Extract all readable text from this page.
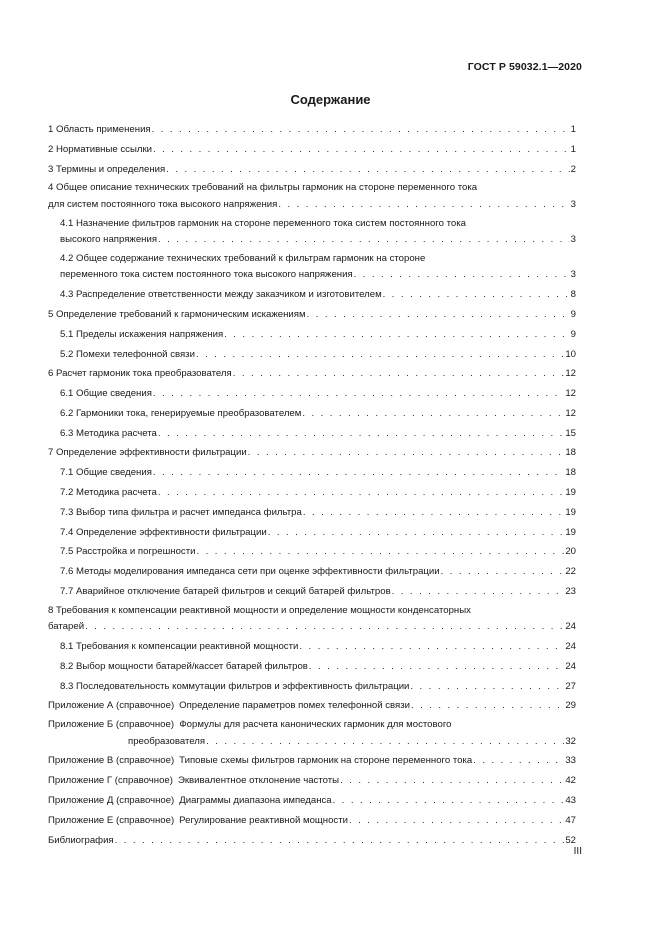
ГОСТ Р 59032.1—2020
Содержание
1 Область применения . . .	1
2 Нормативные ссылки . . .	1
3 Термины и определения . . .	2
4 Общее описание технических требований на фильтры гармоник на стороне переменного тока
для систем постоянного тока высокого напряжения . . .	3
4.1 Назначение фильтров гармоник на стороне переменного тока систем постоянного тока
высокого напряжения . . .	3
4.2 Общее содержание технических требований к фильтрам гармоник на стороне
переменного тока систем постоянного тока высокого напряжения . . .	3
4.3 Распределение ответственности между заказчиком и изготовителем . . .	8
5 Определение требований к гармоническим искажениям . . .	9
5.1 Пределы искажения напряжения . . .	9
5.2 Помехи телефонной связи . . .	10
6 Расчет гармоник тока преобразователя . . .	12
6.1 Общие сведения . . .	12
6.2 Гармоники тока, генерируемые преобразователем . . .	12
6.3 Методика расчета . . .	15
7 Определение эффективности фильтрации . . .	18
7.1 Общие сведения . . .	18
7.2 Методика расчета . . .	19
7.3 Выбор типа фильтра и расчет импеданса фильтра . . .	19
7.4 Определение эффективности фильтрации . . .	19
7.5 Расстройка и погрешности . . .	20
7.6 Методы моделирования импеданса сети при оценке эффективности фильтрации . . .	22
7.7 Аварийное отключение батарей фильтров и секций батарей фильтров . . .	23
8 Требования к компенсации реактивной мощности и определение мощности конденсаторных
батарей . . .	24
8.1 Требования к компенсации реактивной мощности . . .	24
8.2 Выбор мощности батарей/кассет батарей фильтров . . .	24
8.3 Последовательность коммутации фильтров и эффективность фильтрации . . .	27
Приложение А (справочное) Определение параметров помех телефонной связи . . .	29
Приложение Б (справочное) Формулы для расчета канонических гармоник для мостового
преобразователя . . .	32
Приложение В (справочное) Типовые схемы фильтров гармоник на стороне переменного тока . . .	33
Приложение Г (справочное) Эквивалентное отклонение частоты . . .	42
Приложение Д (справочное) Диаграммы диапазона импеданса . . .	43
Приложение Е (справочное) Регулирование реактивной мощности . . .	47
Библиография . . .	52
III
